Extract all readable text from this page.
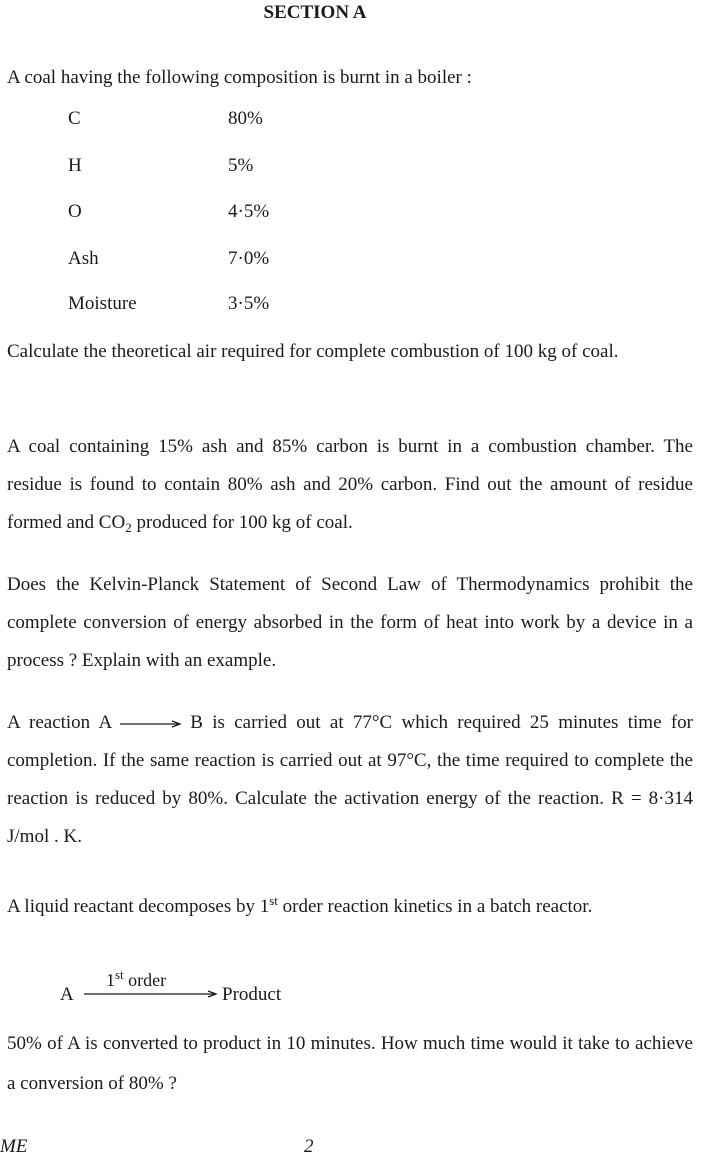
SECTION A
A coal having the following composition is burnt in a boiler :
C	80%
H	5%
O	4·5%
Ash	7·0%
Moisture	3·5%
Calculate the theoretical air required for complete combustion of 100 kg of coal.
A coal containing 15% ash and 85% carbon is burnt in a combustion chamber. The residue is found to contain 80% ash and 20% carbon. Find out the amount of residue formed and $CO_2$ produced for 100 kg of coal.
Does the Kelvin-Planck Statement of Second Law of Thermodynamics prohibit the complete conversion of energy absorbed in the form of heat into work by a device in a process ? Explain with an example.
A reaction A → B is carried out at 77°C which required 25 minutes time for completion. If the same reaction is carried out at 97°C, the time required to complete the reaction is reduced by 80%. Calculate the activation energy of the reaction. R = 8·314 J/mol . K.
A liquid reactant decomposes by 1st order reaction kinetics in a batch reactor.
A
1st order
Product
50% of A is converted to product in 10 minutes. How much time would it take to achieve a conversion of 80% ?
ME	2
